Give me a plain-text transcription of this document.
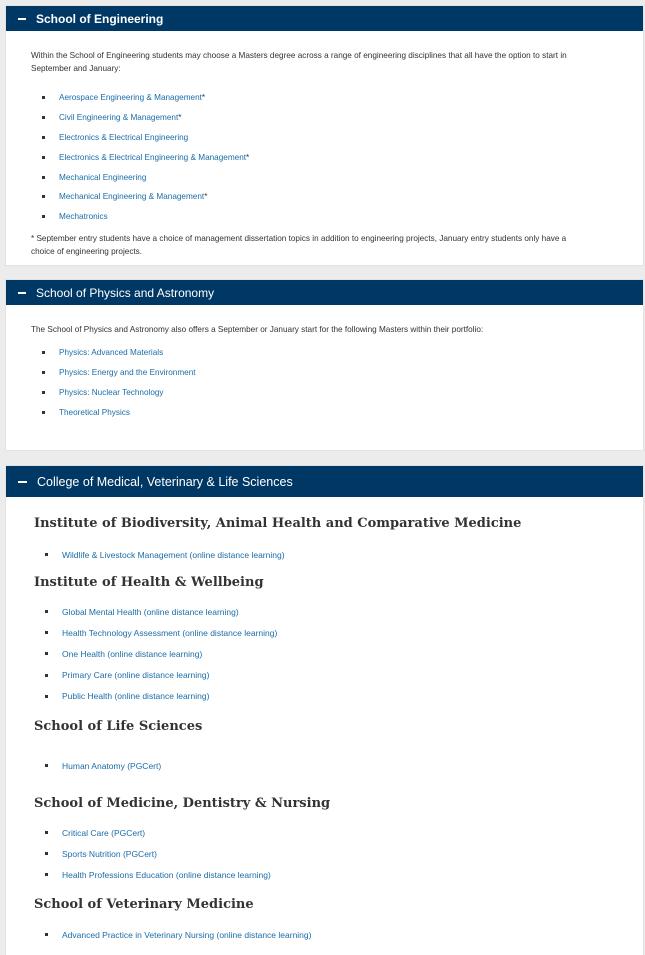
School of Engineering

Within the School of Engineering students may choose a Masters degree across a range of engineering disciplines that all have the option to start in September and January:

Aerospace Engineering & Management *
Civil Engineering & Management *
Electronics & Electrical Engineering
Electronics & Electrical Engineering & Management *
Mechanical Engineering
Mechanical Engineering & Management *
Mechatronics

* September entry students have a choice of management dissertation topics in addition to engineering projects, January entry students only have a choice of engineering projects.

School of Physics and Astronomy

The School of Physics and Astronomy also offers a September or January start for the following Masters within their portfolio:

Physics: Advanced Materials
Physics: Energy and the Environment
Physics: Nuclear Technology
Theoretical Physics
College of Medical, Veterinary & Life Sciences
Institute of Biodiversity, Animal Health and Comparative Medicine
Wildlife & Livestock Management (online distance learning)
Institute of Health & Wellbeing
Global Mental Health (online distance learning)
Health Technology Assessment (online distance learning)
One Health (online distance learning)
Primary Care (online distance learning)
Public Health (online distance learning)
School of Life Sciences
Human Anatomy (PGCert)
School of Medicine, Dentistry & Nursing
Critical Care (PGCert)
Sports Nutrition (PGCert)
Health Professions Education (online distance learning)
School of Veterinary Medicine
Advanced Practice in Veterinary Nursing (online distance learning)
